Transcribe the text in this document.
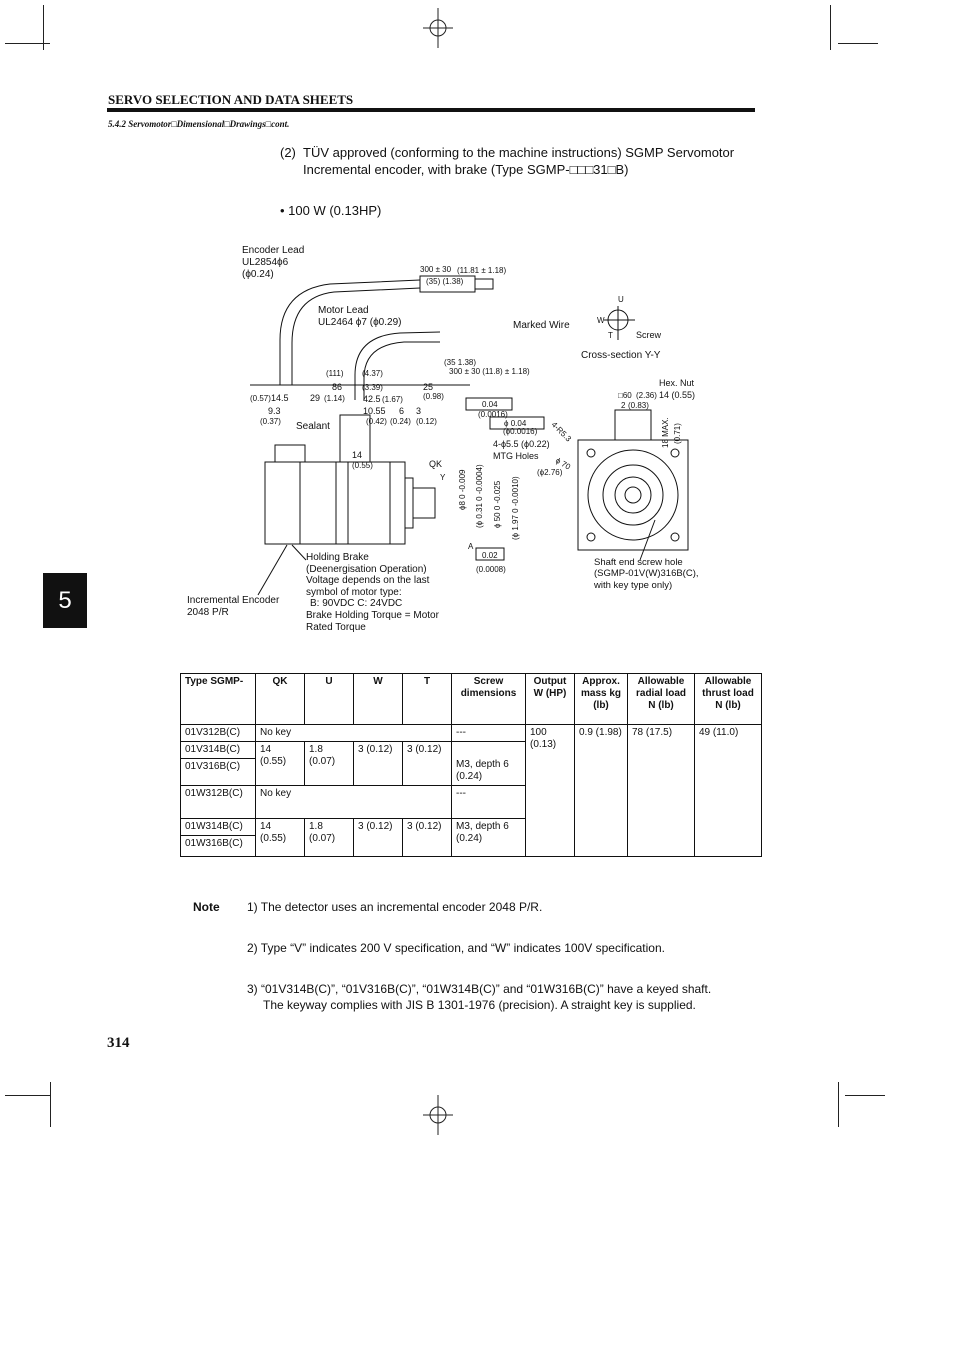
SERVO SELECTION AND DATA SHEETS
5.4.2 Servomotor□Dimensional□Drawings□cont.
(2) TÜV approved (conforming to the machine instructions) SGMP Servomotor
Incremental encoder, with brake (Type SGMP-□□□31□B)
• 100 W (0.13HP)
5
Encoder Lead
UL2854ϕ6
(ϕ0.24)
Motor Lead
UL2464 ϕ7 (ϕ0.29)	Marked Wire
Cross-section Y-Y
Screw
Hex. Nut
14 (0.55)
Sealant
4-ϕ5.5 (ϕ0.22)
MTG Holes
Holding Brake
(Deenergisation Operation)
Voltage depends on the last
symbol of motor type:
B: 90VDC C: 24VDC
Brake Holding Torque = Motor
Rated Torque
Incremental Encoder
2048 P/R
Shaft end screw hole
(SGMP-01V(W)316B(C),
with key type only)
QK
U
W
T
Y
300 ± 30 (11.81 ± 1.18)
(35) (1.38)
(35 1.38)
300 ± 30 (11.8) ± 1.18)
(111) (4.37)
86 (3.39)	25
(0.98)
(0.57) 14.5 29 (1.14) 42.5 (1.67)
9.3
(0.37)
10.55
(0.42)
6
(0.24)
3
(0.12)
14
(0.55)
0.04
(0.0016)
ϕ 0.04
(ϕ0.0016)
0.02
(0.0008)
A
□60 (2.36)
2 (0.83)
18 MAX. (0.71)
4-R5.3
ϕ 70
(ϕ2.76)
ϕ8 0 -0.009 (ϕ 0.31 0 -0.0004) ϕ 50 0 -0.025 (ϕ 1.97 0 -0.0010)
Type SGMP-	QK	U	W	T	Screw dimensions	Output W (HP)	Approx. mass kg (lb)	Allowable radial load N (lb)	Allowable thrust load N (lb)
01V312B(C)	No key				---	100 (0.13)	0.9 (1.98)	78 (17.5)	49 (11.0)
01V314B(C)	14 (0.55)	1.8 (0.07)	3 (0.12)	3 (0.12)	M3, depth 6 (0.24)				
01V316B(C)									
01W312B(C)	No key				---				
01W314B(C)	14 (0.55)	1.8 (0.07)	3 (0.12)	3 (0.12)	M3, depth 6 (0.24)				
01W316B(C)									
Note 1) The detector uses an incremental encoder 2048 P/R.
2) Type “V” indicates 200 V specification, and “W” indicates 100V specification.
3) “01V314B(C)”, “01V316B(C)”, “01W314B(C)” and “01W316B(C)” have a keyed shaft.
The keyway complies with JIS B 1301-1976 (precision). A straight key is supplied.
314
